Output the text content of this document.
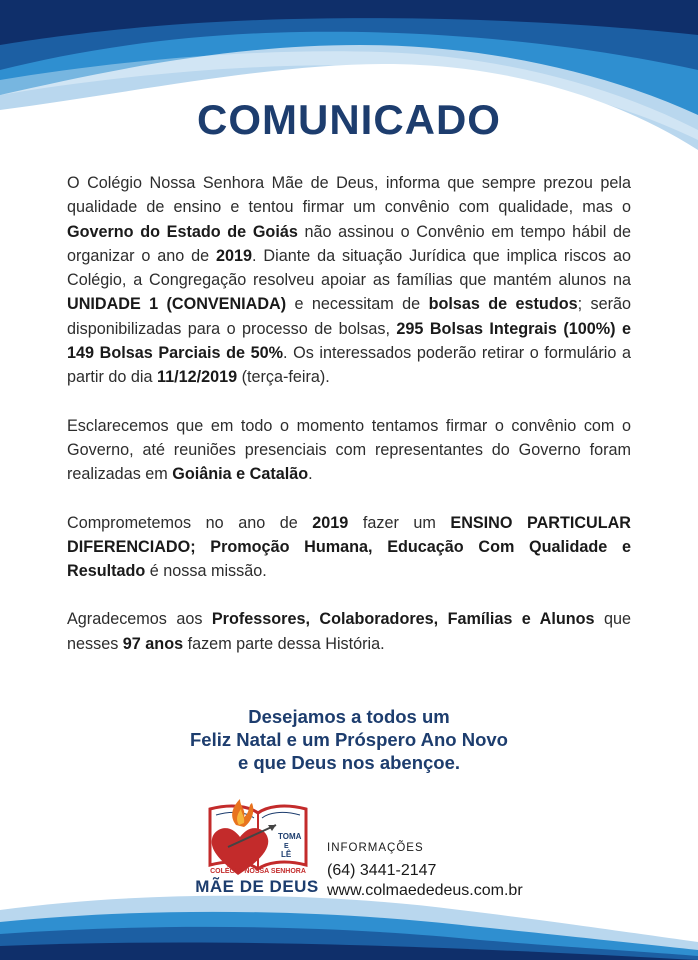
COMUNICADO

O Colégio Nossa Senhora Mãe de Deus, informa que sempre prezou pela qualidade de ensino e tentou firmar um convênio com qualidade, mas o Governo do Estado de Goiás não assinou o Convênio em tempo hábil de organizar o ano de 2019. Diante da situação Jurídica que implica riscos ao Colégio, a Congregação resolveu apoiar as famílias que mantém alunos na UNIDADE 1 (CONVENIADA) e necessitam de bolsas de estudos; serão disponibilizadas para o processo de bolsas, 295 Bolsas Integrais (100%) e 149 Bolsas Parciais de 50%. Os interessados poderão retirar o formulário a partir do dia 11/12/2019 (terça-feira).

Esclarecemos que em todo o momento tentamos firmar o convênio com o Governo, até reuniões presenciais com representantes do Governo foram realizadas em Goiânia e Catalão.

Comprometemos no ano de 2019 fazer um ENSINO PARTICULAR DIFERENCIADO; Promoção Humana, Educação Com Qualidade e Resultado é nossa missão.

Agradecemos aos Professores, Colaboradores, Famílias e Alunos que nesses 97 anos fazem parte dessa História.

Desejamos a todos um
Feliz Natal e um Próspero Ano Novo
e que Deus nos abençoe.
TOMA
E
LÊ
COLÉGIO NOSSA SENHORA
MÃE DE DEUS
INFORMAÇÕES
(64) 3441-2147
www.colmaededeus.com.br
